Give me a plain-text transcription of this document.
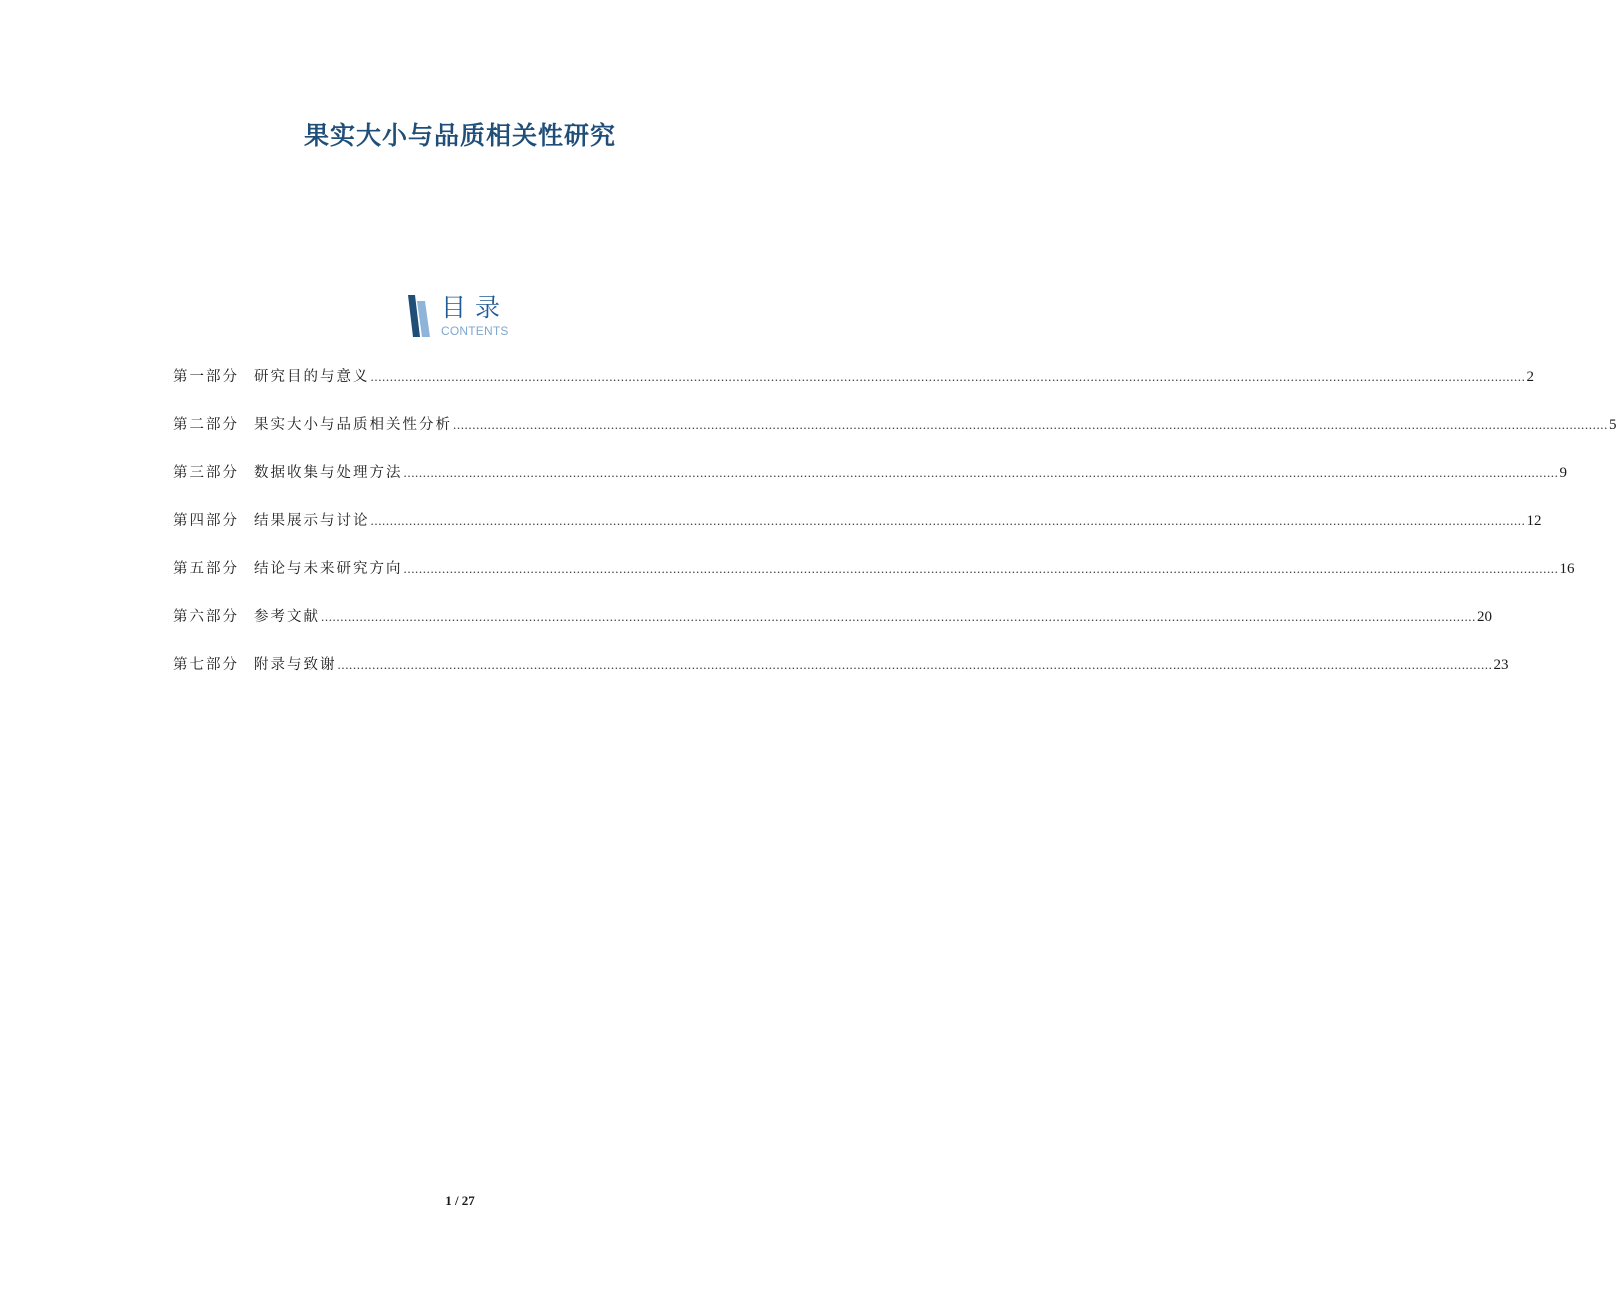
果实大小与品质相关性研究
目录
CONTENTS
第一部分	研究目的与意义 ............................................................................................................................................................................................................................................................................................................ 2
第二部分	果实大小与品质相关性分析 ............................................................................................................................................................................................................................................................................................................ 5
第三部分	数据收集与处理方法 ............................................................................................................................................................................................................................................................................................................ 9
第四部分	结果展示与讨论 ............................................................................................................................................................................................................................................................................................................ 12
第五部分	结论与未来研究方向 ............................................................................................................................................................................................................................................................................................................ 16
第六部分	参考文献 ............................................................................................................................................................................................................................................................................................................ 20
第七部分	附录与致谢 ............................................................................................................................................................................................................................................................................................................ 23
1 / 27
